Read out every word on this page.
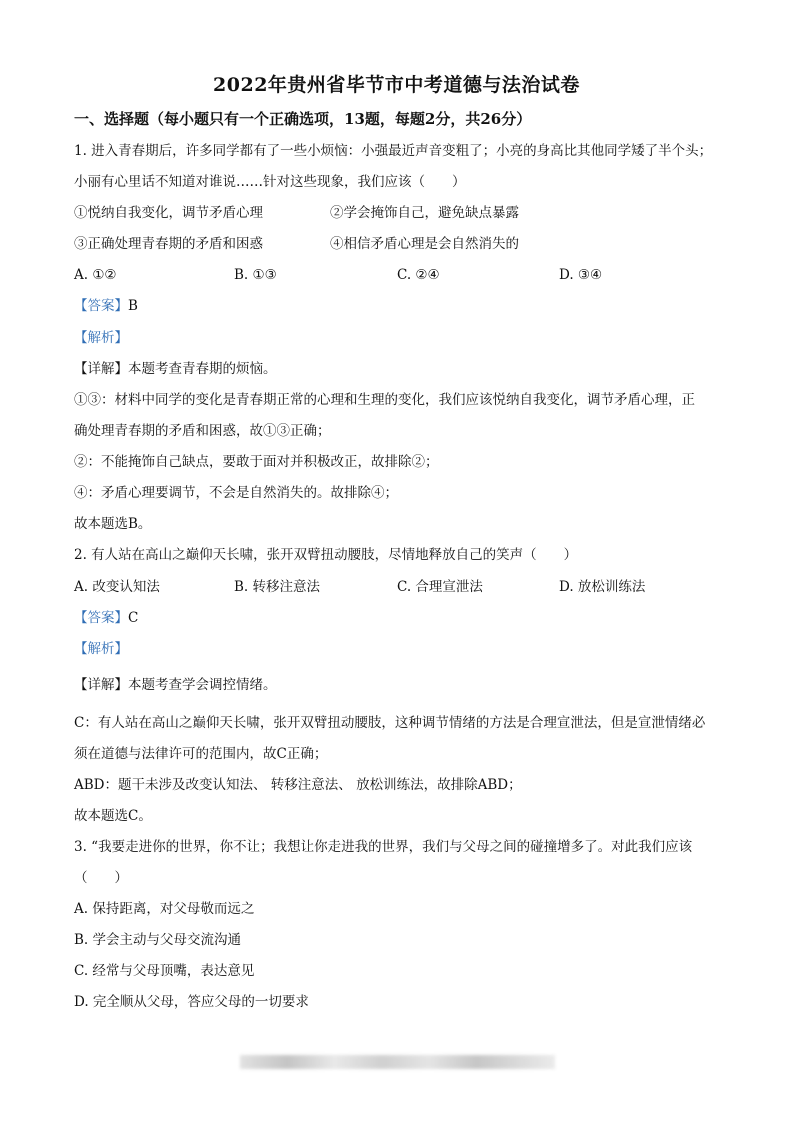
2022年贵州省毕节市中考道德与法治试卷
一、选择题（每小题只有一个正确选项，13题，每题2分，共26分）
1. 进入青春期后，许多同学都有了一些小烦恼：小强最近声音变粗了；小亮的身高比其他同学矮了半个头；
小丽有心里话不知道对谁说……针对这些现象，我们应该（　　）
①悦纳自我变化，调节矛盾心理	②学会掩饰自己，避免缺点暴露
③正确处理青春期的矛盾和困惑	④相信矛盾心理是会自然消失的
A. ①②	B. ①③	C. ②④	D. ③④
【答案】B
【解析】
【详解】本题考查青春期的烦恼。
①③：材料中同学的变化是青春期正常的心理和生理的变化，我们应该悦纳自我变化，调节矛盾心理，正
确处理青春期的矛盾和困惑，故①③正确；
②：不能掩饰自己缺点，要敢于面对并积极改正，故排除②；
④：矛盾心理要调节，不会是自然消失的。故排除④；
故本题选B。
2. 有人站在高山之巅仰天长啸，张开双臂扭动腰肢，尽情地释放自己的笑声（　　）
A. 改变认知法	B. 转移注意法	C. 合理宣泄法	D. 放松训练法
【答案】C
【解析】
【详解】本题考查学会调控情绪。
C：有人站在高山之巅仰天长啸，张开双臂扭动腰肢，这种调节情绪的方法是合理宣泄法，但是宣泄情绪必
须在道德与法律许可的范围内，故C正确；
ABD：题干未涉及改变认知法、 转移注意法、 放松训练法，故排除ABD；
故本题选C。
3. “我要走进你的世界，你不让；我想让你走进我的世界，我们与父母之间的碰撞增多了。对此我们应该
（　　）
A. 保持距离，对父母敬而远之
B. 学会主动与父母交流沟通
C. 经常与父母顶嘴，表达意见
D. 完全顺从父母，答应父母的一切要求
